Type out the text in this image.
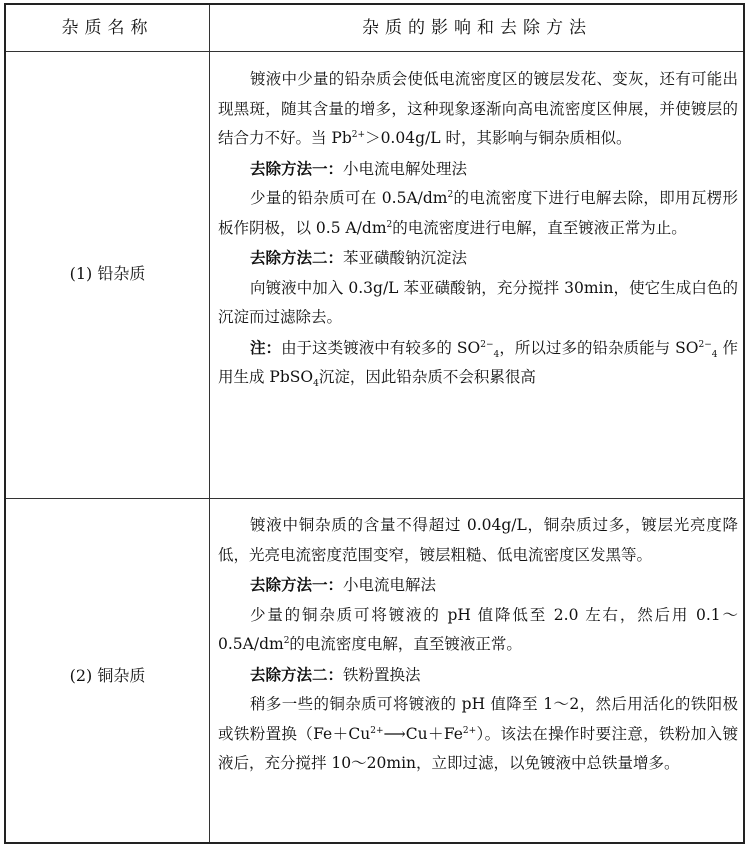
杂质名称	杂质的影响和去除方法
(1) 铅杂质

镀液中少量的铅杂质会使低电流密度区的镀层发花、变灰，还有可能出现黑斑，随其含量的增多，这种现象逐渐向高电流密度区伸展，并使镀层的结合力不好。当 $Pb^{2+}>0.04g/L$ 时，其影响与铜杂质相似。

去除方法一：小电流电解处理法

少量的铅杂质可在 $0.5A/dm^2$的电流密度下进行电解去除，即用瓦楞形板作阴极，以 0.5 $A/dm^2$的电流密度进行电解，直至镀液正常为止。

去除方法二：苯亚磺酸钠沉淀法

向镀液中加入 0.3g/L 苯亚磺酸钠，充分搅拌 30min，使它生成白色的沉淀而过滤除去。

注：由于这类镀液中有较多的 $SO^{2-}_4$，所以过多的铅杂质能与 $SO^{2-}_4$ 作用生成 PbSO$_4$沉淀，因此铅杂质不会积累很高

(2) 铜杂质

镀液中铜杂质的含量不得超过 0.04g/L，铜杂质过多，镀层光亮度降低，光亮电流密度范围变窄，镀层粗糙、低电流密度区发黑等。

去除方法一：小电流电解法

少量的铜杂质可将镀液的 pH 值降低至 2.0 左右，然后用 $0.1\sim 0.5A/dm^2$的电流密度电解，直至镀液正常。

去除方法二：铁粉置换法

稍多一些的铜杂质可将镀液的 pH 值降至 1～2，然后用活化的铁阳极或铁粉置换$(Fe+Cu^{2+}⟶Cu+Fe^{2+})$。该法在操作时要注意，铁粉加入镀液后，充分搅拌 10～20min，立即过滤，以免镀液中总铁量增多。
